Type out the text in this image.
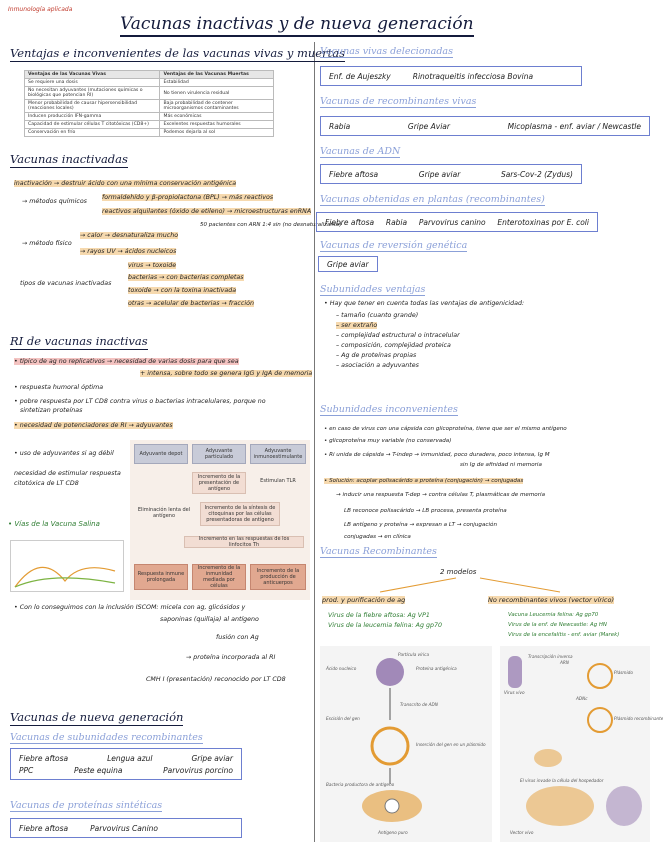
Inmunología aplicada
Vacunas inactivas y de nueva generación
Ventajas e inconvenientes de las vacunas vivas y muertas
Ventajas de las Vacunas Vivas	Ventajas de las Vacunas Muertas
Se requiere una dosis	Estabilidad
No necesitan adyuvantes (mutaciones químicas o biológicas que potencian RI)	No tienen virulencia residual
Menor probabilidad de causar hipersensibilidad (reacciones locales)	Baja probabilidad de contener microorganismos contaminantes
Inducen producción IFN-gamma	Más económicas
Capacidad de estimular células T citotóxicas (CD8+)	Excelentes respuestas humorales
Conservación en frío	Podemos dejarla al sol
Vacunas inactivadas
inactivación → destruir ácido con una mínima conservación antigénica
→ métodos químicos
formaldehído y β-propiolactona (BPL) → más reactivos
reactivos alquilantes (óxido de etileno) → microestructuras enRNA
50 pacientes con ARN 1:4 sin (no desnaturalizante)
→ calor → desnaturaliza mucho
→ método físico
→ rayos UV → ácidos nucleicos
tipos de vacunas inactivadas
virus → toxoide
bacterias → con bacterias completas
toxoide → con la toxina inactivada
otras → acelular de bacterias → fracción
RI de vacunas inactivas
• típico de ag no replicativos → necesidad de varias dosis para que sea
+ intensa, sobre todo se genera IgG y IgA de memoria
• respuesta humoral óptima
• pobre respuesta por LT CD8 contra virus o bacterias intracelulares, porque no
sintetizan proteínas
• necesidad de potenciadores de RI → adyuvantes
• uso de adyuvantes si ag débil
necesidad de estimular respuesta
citotóxica de LT CD8
• Vías de la Vacuna Salina
Adyuvante depot	Adyuvante particulado
Adyuvante inmunoestimulante
Incremento de la presentación de antígeno
Estimulan TLR
Eliminación lenta del antígeno
Incremento de la síntesis de citoquinas por las células presentadoras de antígeno
Incremento en las respuestas de los linfocitos Th
Respuesta inmune prolongada
Incremento de la inmunidad mediada por células
Incremento de la producción de anticuerpos
• Con lo conseguimos con la inclusión ISCOM: micela con ag, glicósidos y
saponinas (quillaja) al antígeno
fusión con Ag
→ proteína incorporada al RI
CMH I (presentación) reconocido por LT CD8
Vacunas de nueva generación
Vacunas de subunidades recombinantes
Fiebre aftosa	Lengua azul	Gripe aviar
PPC	Peste equina	Parvovirus porcino
Vacunas de proteínas sintéticas
Fiebre aftosa	Parvovirus Canino
Vacunas vivas delecionadas
Enf. de Aujeszky	Rinotraqueitis infecciosa Bovina
Vacunas de recombinantes vivas
Rabia	Gripe Aviar	Micoplasma - enf. aviar / Newcastle
Vacunas de ADN
Fiebre aftosa	Gripe aviar	Sars-Cov-2 (Zydus)
Vacunas obtenidas en plantas (recombinantes)
Fiebre aftosa Rabia Parvovirus canino Enterotoxinas por E. coli
Vacunas de reversión genética
Gripe aviar
Subunidades ventajas
• Hay que tener en cuenta todas las ventajas de antigenicidad:
– tamaño (cuanto grande)
– ser extraño
– complejidad estructural o intracelular
– composición, complejidad proteica
– Ag de proteínas propias
– asociación a adyuvantes
Subunidades inconvenientes
• en caso de virus con una cápsida con glicoproteína, tiene que ser el mismo antígeno
• glicoproteína muy variable (no conservada)
• Ri unida de cápsida → T-indep → inmunidad, poco duradera, poco intensa, Ig M
sin Ig de afinidad ni memoria
• Solución: acoplar polisacárido a proteína (conjugación) → conjugadas
→ inducir una respuesta T-dep → contra células T, plasmáticas de memoria
LB reconoce polisacárido → LB procesa, presenta proteína
LB antígeno y proteína → expresan a LT → conjugación
conjugadas → en clínica
Vacunas Recombinantes
2 modelos
prod. y purificación de ag	No recombinantes vivos (vector vírico)
Virus de la fiebre aftosa: Ag VP1
Virus de la leucemia felina: Ag gp70
Vacuna Leucemia felina: Ag gp70
Virus de la enf. de Newcastle: Ag HN
Virus de la encefalitis - enf. aviar (Marek)
Partícula vírica
Ácido nucleico	Proteína antigénica
Transcrito de ADN
Escisión del gen
Inserción del gen en un plásmido
Bacteria productora de antígeno
Antígeno puro
Virus vivo
Transcripción inversa
ARN
ADNc
Plásmido
Plásmido recombinante
El virus invade la célula del hospedador
Vector vivo
